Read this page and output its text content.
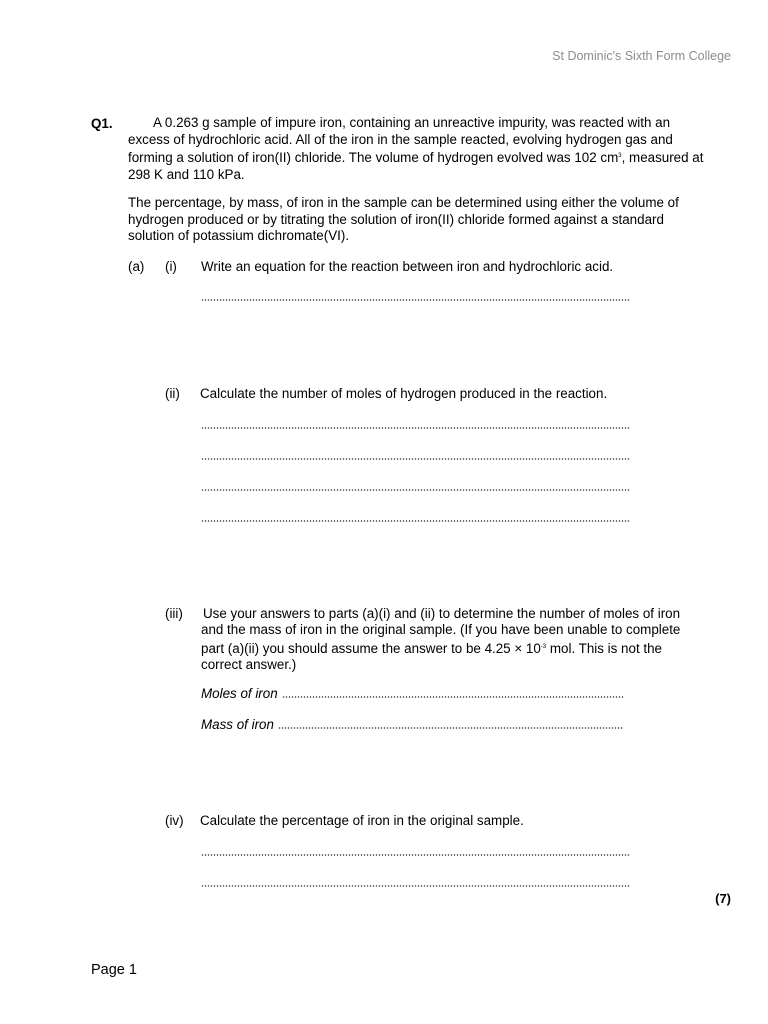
St Dominic's Sixth Form College
Q1.	A 0.263 g sample of impure iron, containing an unreactive impurity, was reacted with an excess of hydrochloric acid. All of the iron in the sample reacted, evolving hydrogen gas and forming a solution of iron(II) chloride. The volume of hydrogen evolved was 102 $cm^3$, measured at 298 K and 110 kPa.
The percentage, by mass, of iron in the sample can be determined using either the volume of hydrogen produced or by titrating the solution of iron(II) chloride formed against a standard solution of potassium dichromate(VI).
(a) (i) Write an equation for the reaction between iron and hydrochloric acid.
(ii) Calculate the number of moles of hydrogen produced in the reaction.
(iii) Use your answers to parts (a)(i) and (ii) to determine the number of moles of iron and the mass of iron in the original sample. (If you have been unable to complete part (a)(ii) you should assume the answer to be $4.25 \times 10^{-3}$ mol. This is not the correct answer.)
Moles of iron
Mass of iron
(iv) Calculate the percentage of iron in the original sample.
(7)
Page 1
